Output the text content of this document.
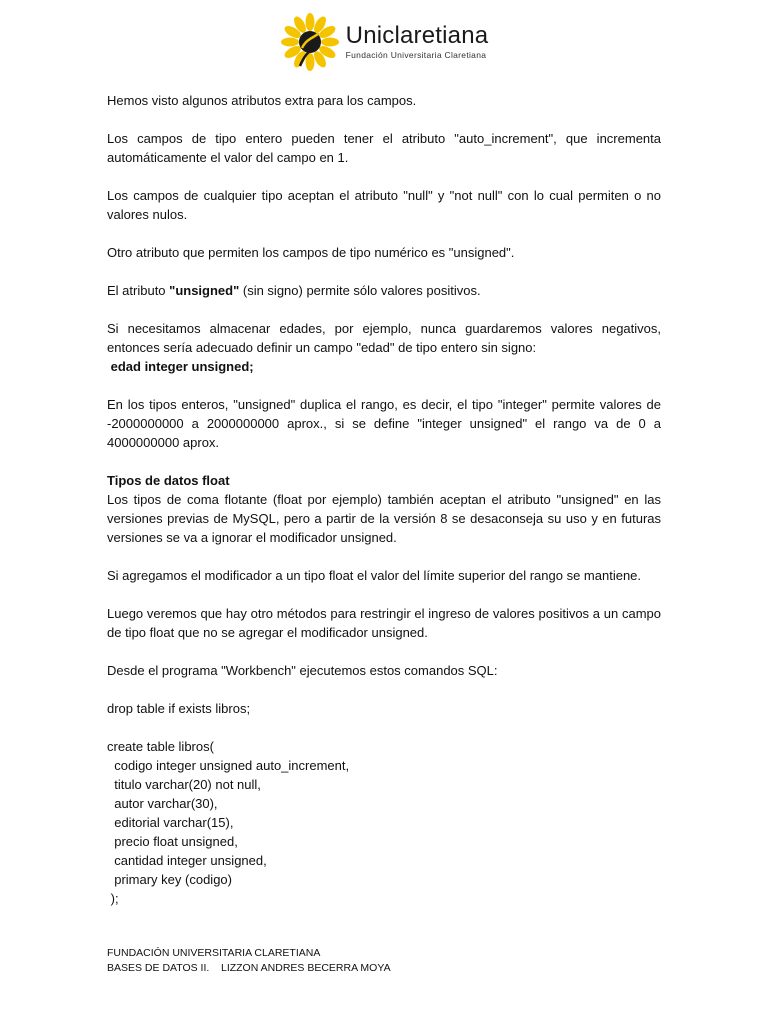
Uniclaretiana
Fundación Universitaria Claretiana

Hemos visto algunos atributos extra para los campos.

Los campos de tipo entero pueden tener el atributo "auto_increment", que incrementa automáticamente el valor del campo en 1.

Los campos de cualquier tipo aceptan el atributo "null" y "not null" con lo cual permiten o no valores nulos.

Otro atributo que permiten los campos de tipo numérico es "unsigned".

El atributo "unsigned" (sin signo) permite sólo valores positivos.

Si necesitamos almacenar edades, por ejemplo, nunca guardaremos valores negativos, entonces sería adecuado definir un campo "edad" de tipo entero sin signo:

edad integer unsigned;

En los tipos enteros, "unsigned" duplica el rango, es decir, el tipo "integer" permite valores de -2000000000 a 2000000000 aprox., si se define "integer unsigned" el rango va de 0 a 4000000000 aprox.

Tipos de datos float

Los tipos de coma flotante (float por ejemplo) también aceptan el atributo "unsigned" en las versiones previas de MySQL, pero a partir de la versión 8 se desaconseja su uso y en futuras versiones se va a ignorar el modificador unsigned.

Si agregamos el modificador a un tipo float el valor del límite superior del rango se mantiene.

Luego veremos que hay otro métodos para restringir el ingreso de valores positivos a un campo de tipo float que no se agregar el modificador unsigned.

Desde el programa "Workbench" ejecutemos estos comandos SQL:

drop table if exists libros;

create table libros(

codigo integer unsigned auto_increment,

titulo varchar(20) not null,

autor varchar(30),

editorial varchar(15),

precio float unsigned,

cantidad integer unsigned,

primary key (codigo)

);

FUNDACIÓN UNIVERSITARIA CLARETIANA

BASES DE DATOS II.    LIZZON ANDRES BECERRA MOYA
